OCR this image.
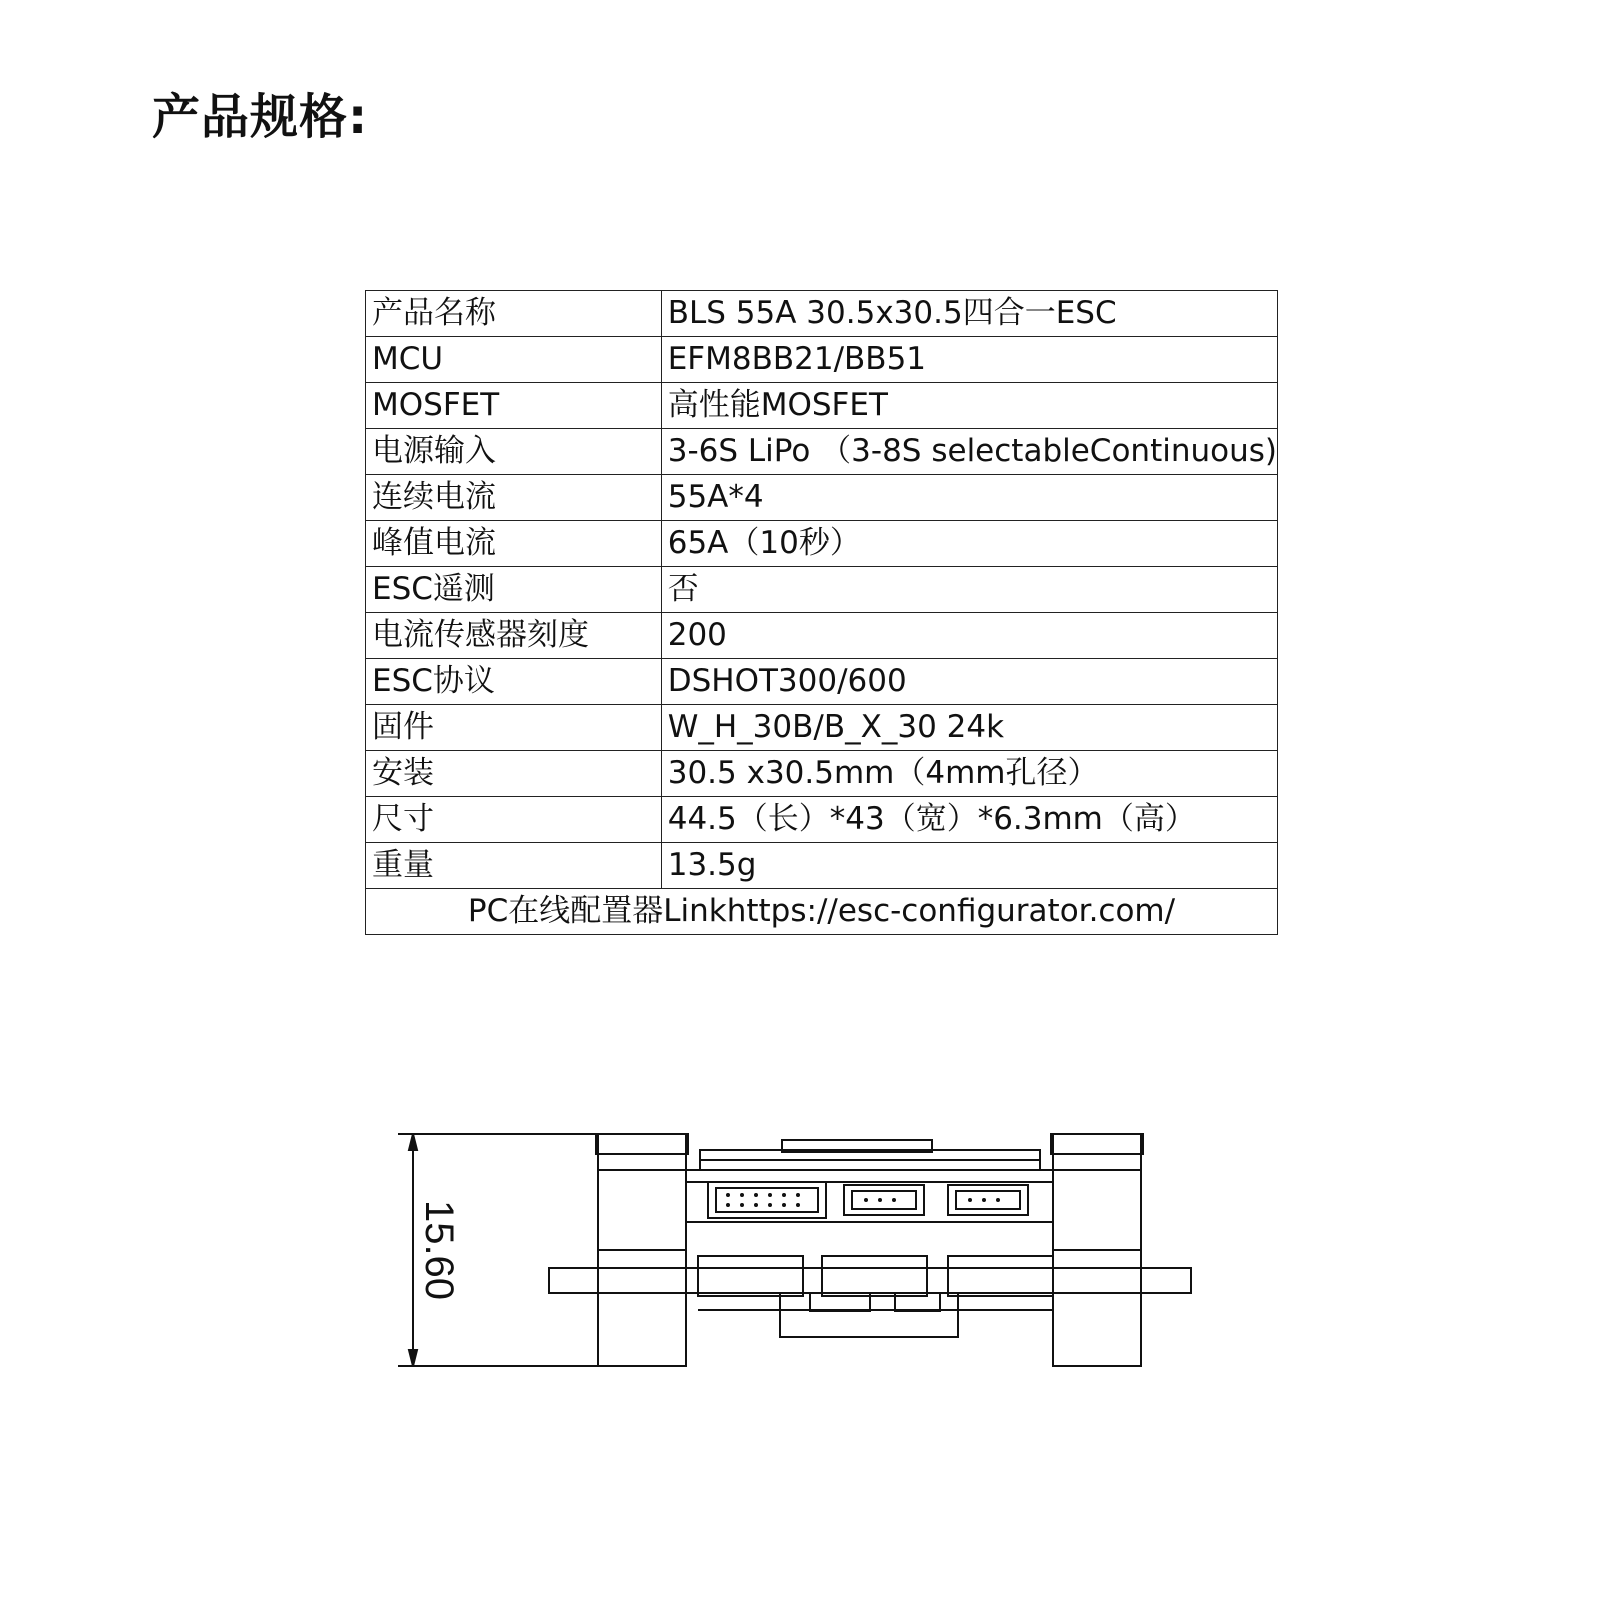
产品规格:
产品名称	BLS 55A 30.5x30.5四合一ESC
MCU	EFM8BB21/BB51
MOSFET	高性能MOSFET
电源输入	3-6S LiPo （3-8S selectableContinuous)
连续电流	55A*4
峰值电流	65A（10秒）
ESC遥测	否
电流传感器刻度	200
ESC协议	DSHOT300/600
固件	W_H_30B/B_X_30 24k
安装	30.5 x30.5mm（4mm孔径）
尺寸	44.5（长）*43（宽）*6.3mm（高）
重量	13.5g
PC在线配置器Linkhttps://esc-configurator.com/	
15.60
